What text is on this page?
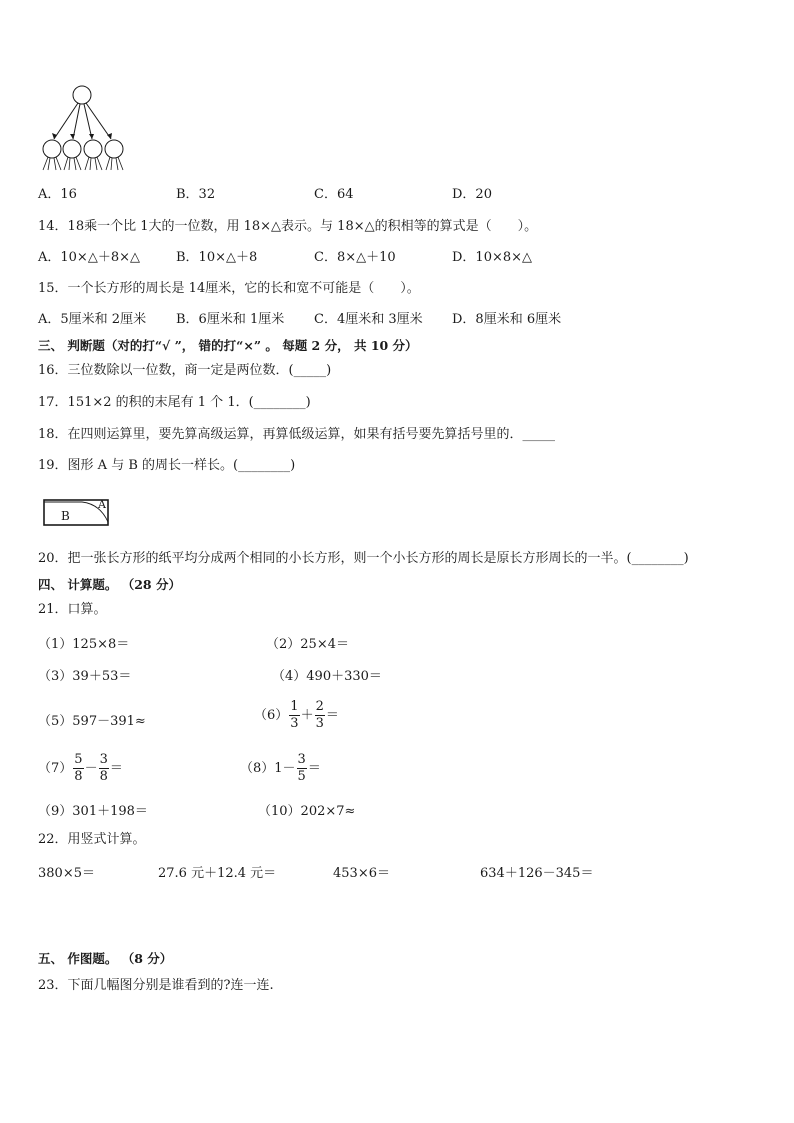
A．16	B．32	C．64	D．20
14．18乘一个比 1大的一位数，用 18×△表示。与 18×△的积相等的算式是（　　）。
A．10×△＋8×△	B．10×△＋8	C．8×△＋10	D．10×8×△
15．一个长方形的周长是 14厘米，它的长和宽不可能是（　　）。
A．5厘米和 2厘米 B．6厘米和 1厘米 C．4厘米和 3厘米 D．8厘米和 6厘米
三、 判断题（对的打“√ ”， 错的打“×” 。 每题 2 分， 共 10 分）
16．三位数除以一位数，商一定是两位数．(_____)
17．151×2 的积的末尾有 1 个 1．(________)
18．在四则运算里，要先算高级运算，再算低级运算，如果有括号要先算括号里的．_____
19．图形 A 与 B 的周长一样长。(________)
B
A
20．把一张长方形的纸平均分成两个相同的小长方形，则一个小长方形的周长是原长方形周长的一半。(________)
四、 计算题。 （28 分）
21．口算。
（1）125×8＝	（2）25×4＝
（3）39＋53＝	（4）490＋330＝
（5）597－391≈	$(6) \frac{1}{3} + \frac{2}{3}$ ＝
$(7) \frac{5}{8} - \frac{3}{8}$ ＝	$(8)1- \frac{3}{5}$ ＝
（9）301＋198＝	（10）202×7≈
22．用竖式计算。
380×5＝	27.6 元＋12.4 元＝	453×6＝	634＋126－345＝
五、 作图题。 （8 分）
23．下面几幅图分别是谁看到的?连一连.
